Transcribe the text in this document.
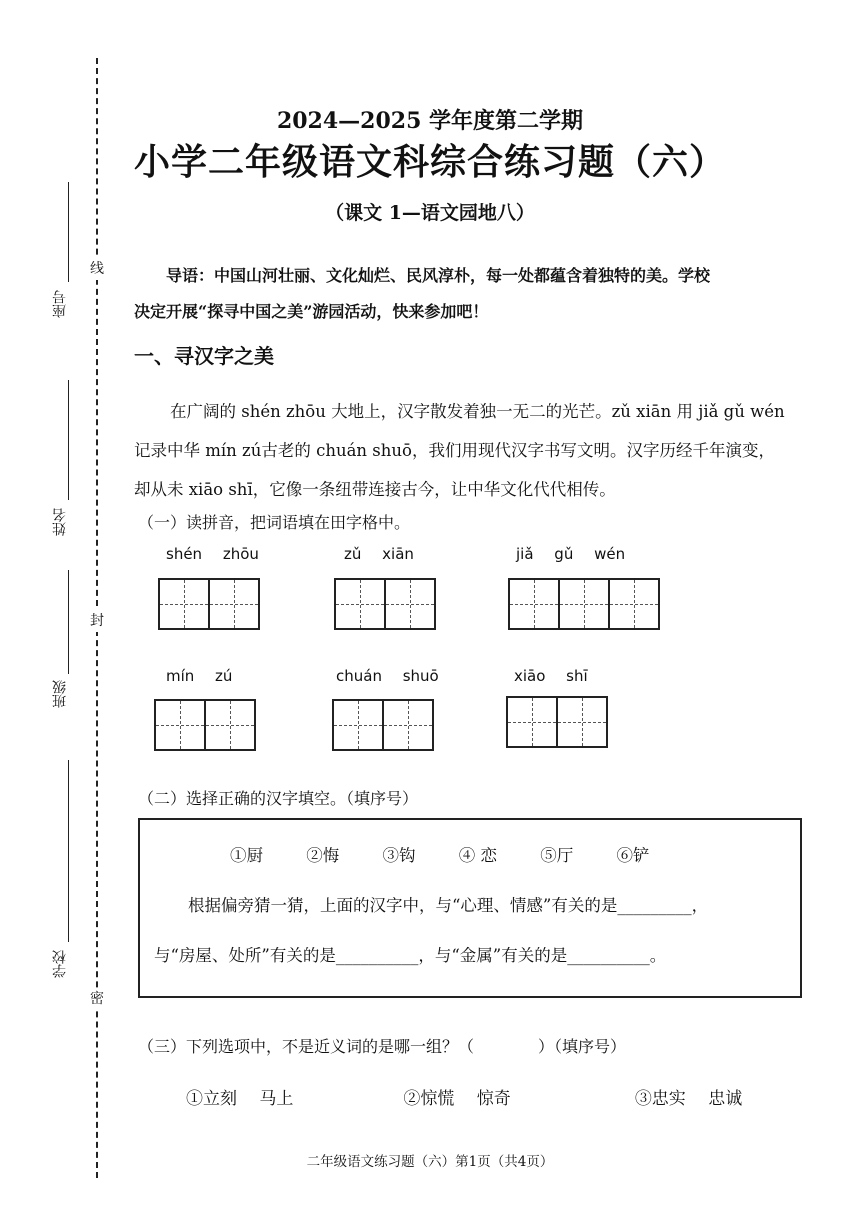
线
封
密
座号
姓名
班级
学校
2024—2025 学年度第二学期
小学二年级语文科综合练习题（六）
（课文 1—语文园地八）
导语：中国山河壮丽、文化灿烂、民风淳朴，每一处都蕴含着独特的美。学校
决定开展“探寻中国之美”游园活动，快来参加吧！
一、寻汉字之美
在广阔的 shén zhōu 大地上，汉字散发着独一无二的光芒。zǔ xiān 用 jiǎ gǔ wén
记录中华 mín zú古老的 chuán shuō，我们用现代汉字书写文明。汉字历经千年演变，
却从未 xiāo shī，它像一条纽带连接古今，让中华文化代代相传。
（一）读拼音，把词语填在田字格中。
shén zhōu	zǔ xiān	jiǎ gǔ wén
mín zú	chuán shuō	xiāo shī
（二）选择正确的汉字填空。（填序号）
①厨	②悔	③钩	④ 恋	⑤厅	⑥铲
根据偏旁猜一猜，上面的汉字中，与“心理、情感”有关的是_________，
与“房屋、处所”有关的是__________，与“金属”有关的是__________。
（三）下列选项中，不是近义词的是哪一组？（　　　　）（填序号）
①立刻　 马上	②惊慌　 惊奇	③忠实　 忠诚
二年级语文练习题（六）第1页（共4页）
